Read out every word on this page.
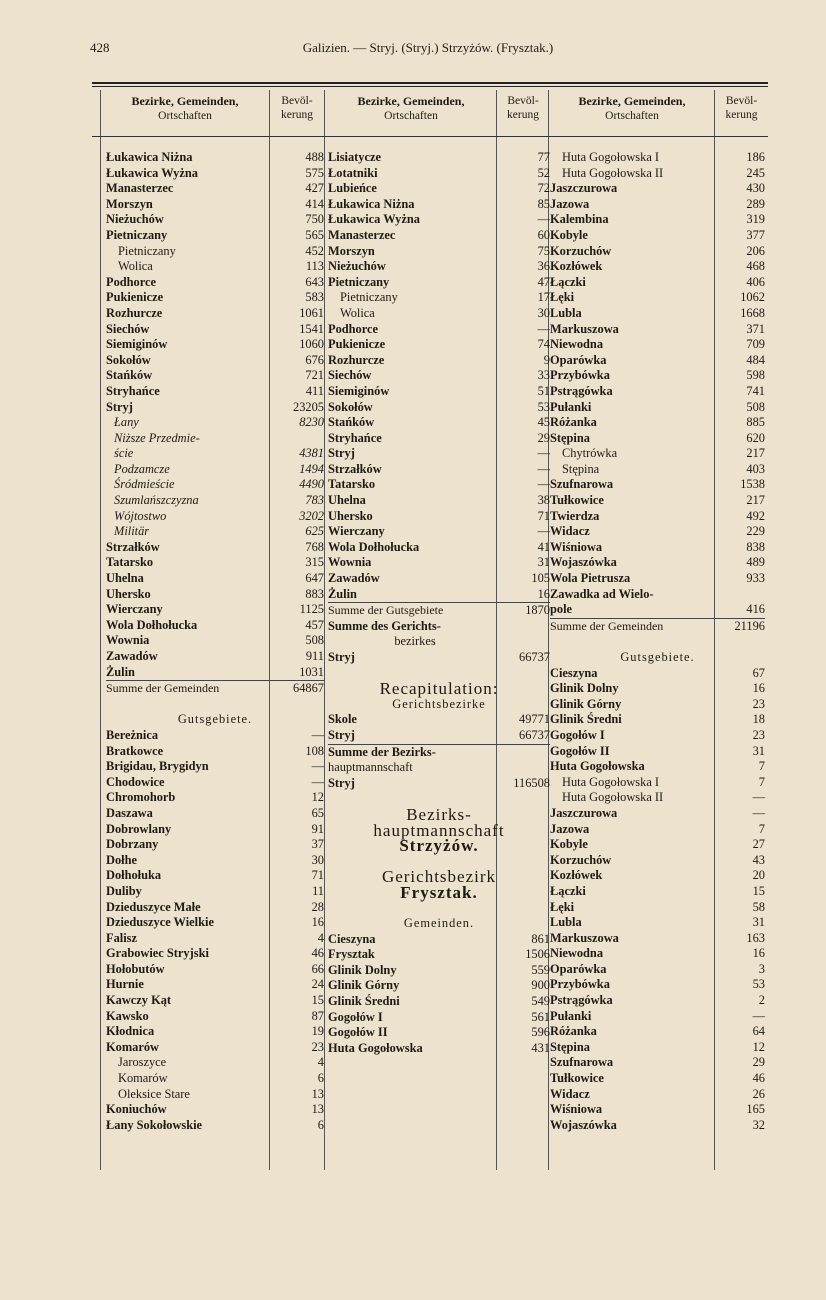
428	Galizien. — Stryj. (Stryj.) Strzyżów. (Frysztak.)
Bezirke, Gemeinden,
Ortschaften
Bevöl-
kerung
Bezirke, Gemeinden,
Ortschaften
Bevöl-
kerung
Bezirke, Gemeinden,
Ortschaften
Bevöl-
kerung
Łukawica Niżna	488
Łukawica Wyżna	575
Manasterzec	427
Morszyn	414
Nieżuchów	750
Pietniczany	565
Pietniczany	452
Wolica	113
Podhorce	643
Pukienicze	583
Rozhurcze	1061
Siechów	1541
Siemiginów	1060
Sokołów	676
Stańków	721
Stryhańce	411
Stryj	23205
Łany	8230
Niższe Przedmie-
ście	4381
Podzamcze	1494
Śródmieście	4490
Szumlańszczyzna	783
Wójtostwo	3202
Militär	625
Strzałków	768
Tatarsko	315
Uhelna	647
Uhersko	883
Wierczany	1125
Wola Dołhołucka	457
Wownia	508
Zawadów	911
Żulin	1031
Summe der Gemeinden	64867
Gutsgebiete.
Bereżnica	—
Bratkowce	108
Brigidau, Brygidyn	—
Chodowice	—
Chromohorb	12
Daszawa	65
Dobrowlany	91
Dobrzany	37
Dołhe	30
Dołhołuka	71
Duliby	11
Dzieduszyce Małe	28
Dzieduszyce Wielkie	16
Falisz	4
Grabowiec Stryjski	46
Hołobutów	66
Hurnie	24
Kawczy Kąt	15
Kawsko	87
Kłodnica	19
Komarów	23
Jaroszyce	4
Komarów	6
Oleksice Stare	13
Koniuchów	13
Łany Sokołowskie	6
Lisiatycze	77
Łotatniki	52
Lubieńce	72
Łukawica Niżna	85
Łukawica Wyżna	—
Manasterzec	60
Morszyn	75
Nieżuchów	36
Pietniczany	47
Pietniczany	17
Wolica	30
Podhorce	—
Pukienicze	74
Rozhurcze	9
Siechów	33
Siemiginów	51
Sokołów	53
Stańków	45
Stryhańce	29
Stryj	—
Strzałków	—
Tatarsko	—
Uhelna	38
Uhersko	71
Wierczany	—
Wola Dołhołucka	41
Wownia	31
Zawadów	105
Żulin	16
Summe der Gutsgebiete	1870
Summe des Gerichts-
bezirkes
Stryj	66737
Recapitulation:
Gerichtsbezirke
Skole	49771
Stryj	66737
Summe der Bezirks-
hauptmannschaft
Stryj	116508
Bezirks-
hauptmannschaft
Strzyżów.
Gerichtsbezirk
Frysztak.
Gemeinden.
Cieszyna	861
Frysztak	1506
Glinik Dolny	559
Glinik Górny	900
Glinik Średni	549
Gogołów I	561
Gogołów II	596
Huta Gogołowska	431
Huta Gogołowska I	186
Huta Gogołowska II	245
Jaszczurowa	430
Jazowa	289
Kalembina	319
Kobyle	377
Korzuchów	206
Kozłówek	468
Łączki	406
Łęki	1062
Lubla	1668
Markuszowa	371
Niewodna	709
Oparówka	484
Przybówka	598
Pstrągówka	741
Pułanki	508
Różanka	885
Stępina	620
Chytrówka	217
Stępina	403
Szufnarowa	1538
Tułkowice	217
Twierdza	492
Widacz	229
Wiśniowa	838
Wojaszówka	489
Wola Pietrusza	933
Zawadka ad Wielo-
pole	416
Summe der Gemeinden	21196
Gutsgebiete.
Cieszyna	67
Glinik Dolny	16
Glinik Górny	23
Glinik Średni	18
Gogołów I	23
Gogołów II	31
Huta Gogołowska	7
Huta Gogołowska I	7
Huta Gogołowska II	—
Jaszczurowa	—
Jazowa	7
Kobyle	27
Korzuchów	43
Kozłówek	20
Łączki	15
Łęki	58
Lubla	31
Markuszowa	163
Niewodna	16
Oparówka	3
Przybówka	53
Pstrągówka	2
Pułanki	—
Różanka	64
Stępina	12
Szufnarowa	29
Tułkowice	46
Widacz	26
Wiśniowa	165
Wojaszówka	32
